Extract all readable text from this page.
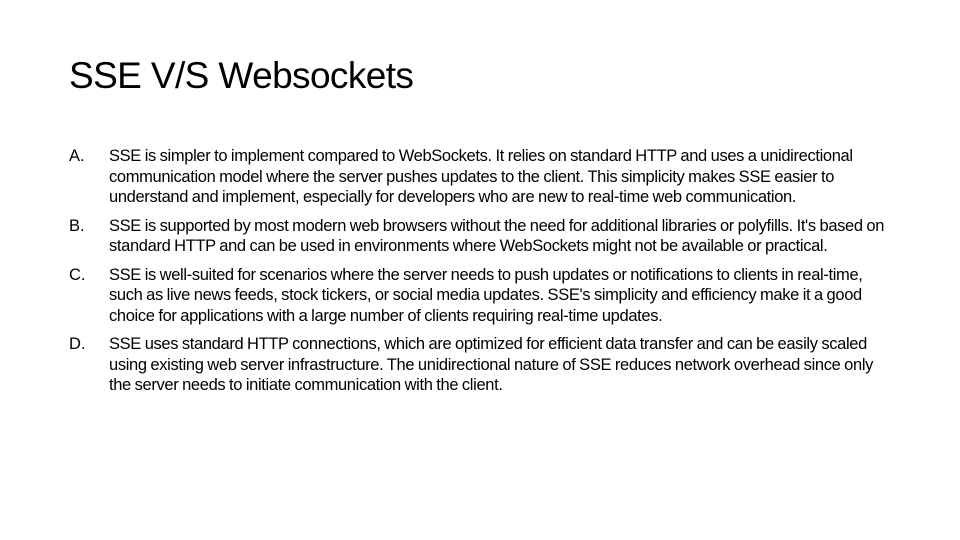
SSE V/S Websockets
A.	SSE is simpler to implement compared to WebSockets. It relies on standard HTTP and uses a unidirectional communication model where the server pushes updates to the client. This simplicity makes SSE easier to understand and implement, especially for developers who are new to real-time web communication.
B.	SSE is supported by most modern web browsers without the need for additional libraries or polyfills. It's based on standard HTTP and can be used in environments where WebSockets might not be available or practical.
C.	SSE is well-suited for scenarios where the server needs to push updates or notifications to clients in real-time, such as live news feeds, stock tickers, or social media updates. SSE's simplicity and efficiency make it a good choice for applications with a large number of clients requiring real-time updates.
D.	SSE uses standard HTTP connections, which are optimized for efficient data transfer and can be easily scaled using existing web server infrastructure. The unidirectional nature of SSE reduces network overhead since only the server needs to initiate communication with the client.
